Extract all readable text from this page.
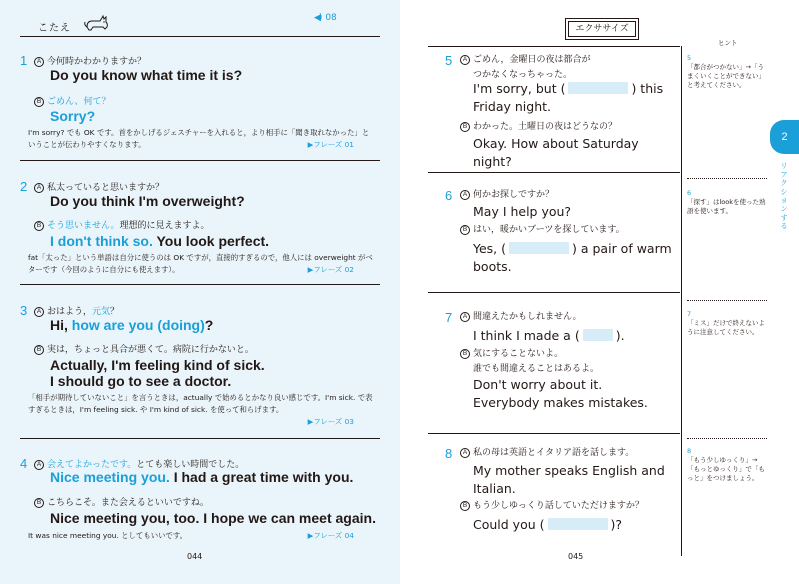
こたえ
◀) 08
1	A 今何時かわかりますか？
Do you know what time it is?
B ごめん、何て？
Sorry?
I'm sorry? でも OK です。首をかしげるジェスチャーを入れると，より相手に「聞き取れなかった」ということが伝わりやすくなります。	▶フレーズ 01
2	A 私太っていると思いますか？
Do you think I'm overweight?
B そう思いません。理想的に見えますよ。
I don't think so. You look perfect.
fat「太った」という単語は自分に使うのは OK ですが，直接的すぎるので，他人には overweight がベターです（今回のように自分にも使えます）。	▶フレーズ 02
3	A おはよう，元気？
Hi, how are you (doing)?
B 実は，ちょっと具合が悪くて。病院に行かないと。
Actually, I'm feeling kind of sick.
I should go to see a doctor.
「相手が期待していないこと」を言うときは，actually で始めるとかなり良い感じです。I'm sick. で表すぎるときは，I'm feeling sick. や I'm kind of sick. を使って和らげます。
▶フレーズ 03
4	A 会えてよかったです。とても楽しい時間でした。
Nice meeting you. I had a great time with you.
B こちらこそ。また会えるといいですね。
Nice meeting you, too. I hope we can meet again.
It was nice meeting you. としてもいいです。	▶フレーズ 04
044
エクササイズ
ヒント
5	A ごめん，金曜日の夜は都合が
つかなくなっちゃった。
I'm sorry, but (	) this
Friday night.
B わかった。土曜日の夜はどうなの？
Okay. How about Saturday night?
6	A 何かお探しですか？
May I help you?
B はい，暖かいブーツを探しています。
Yes, (	) a pair of warm
boots.
7	A 間違えたかもしれません。
I think I made a (	).
B 気にすることないよ。
誰でも間違えることはあるよ。
Don't worry about it.
Everybody makes mistakes.
8	A 私の母は英語とイタリア語を話します。
My mother speaks English and
Italian.
B もう少しゆっくり話していただけますか？
Could you (	)?
5
「都合がつかない」→「うまくいくことができない」と考えてください。
6
「探す」はlookを使った熟語を使います。
7
「ミス」だけで終えないように注意してください。
8
「もう少しゆっくり」→「もっとゆっくり」で「もっと」をつけましょう。
2
リアクションする
045
